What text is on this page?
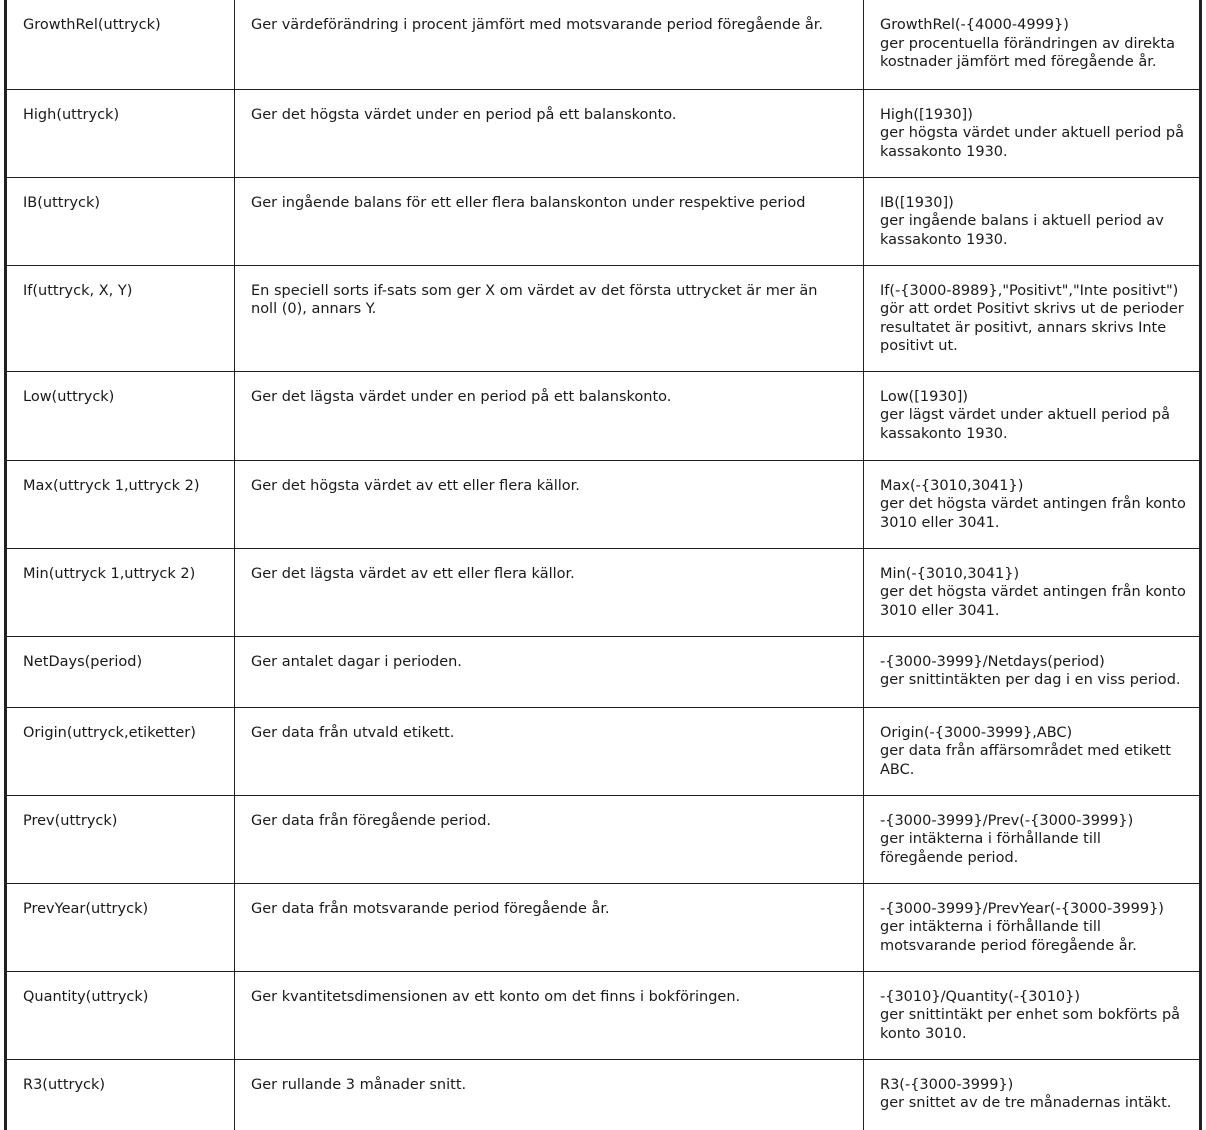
GrowthRel(uttryck)	Ger värdeförändring i procent jämfört med motsvarande period föregående år.	GrowthRel(-{4000-4999})
ger procentuella förändringen av direkta kostnader jämfört med föregående år.

High(uttryck)	Ger det högsta värdet under en period på ett balanskonto.	High([1930])
ger högsta värdet under aktuell period på kassakonto 1930.

IB(uttryck)	Ger ingående balans för ett eller flera balanskonton under respektive period	IB([1930])
ger ingående balans i aktuell period av kassakonto 1930.

If(uttryck, X, Y)	En speciell sorts if-sats som ger X om värdet av det första uttrycket är mer än noll (0), annars Y.	If(-{3000-8989},"Positivt","Inte positivt")
gör att ordet Positivt skrivs ut de perioder resultatet är positivt, annars skrivs Inte positivt ut.

Low(uttryck)	Ger det lägsta värdet under en period på ett balanskonto.	Low([1930])
ger lägst värdet under aktuell period på kassakonto 1930.

Max(uttryck 1,uttryck 2)	Ger det högsta värdet av ett eller flera källor.	Max(-{3010,3041})
ger det högsta värdet antingen från konto 3010 eller 3041.

Min(uttryck 1,uttryck 2)	Ger det lägsta värdet av ett eller flera källor.	Min(-{3010,3041})
ger det högsta värdet antingen från konto 3010 eller 3041.

NetDays(period)	Ger antalet dagar i perioden.	-{3000-3999}/Netdays(period)
ger snittintäkten per dag i en viss period.

Origin(uttryck,etiketter)	Ger data från utvald etikett.	Origin(-{3000-3999},ABC)
ger data från affärsområdet med etikett ABC.

Prev(uttryck)	Ger data från föregående period.	-{3000-3999}/Prev(-{3000-3999})
ger intäkterna i förhållande till föregående period.

PrevYear(uttryck)	Ger data från motsvarande period föregående år.	-{3000-3999}/PrevYear(-{3000-3999})
ger intäkterna i förhållande till motsvarande period föregående år.

Quantity(uttryck)	Ger kvantitetsdimensionen av ett konto om det finns i bokföringen.	-{3010}/Quantity(-{3010})
ger snittintäkt per enhet som bokförts på konto 3010.

R3(uttryck)	Ger rullande 3 månader snitt.	R3(-{3000-3999})
ger snittet av de tre månadernas intäkt.
